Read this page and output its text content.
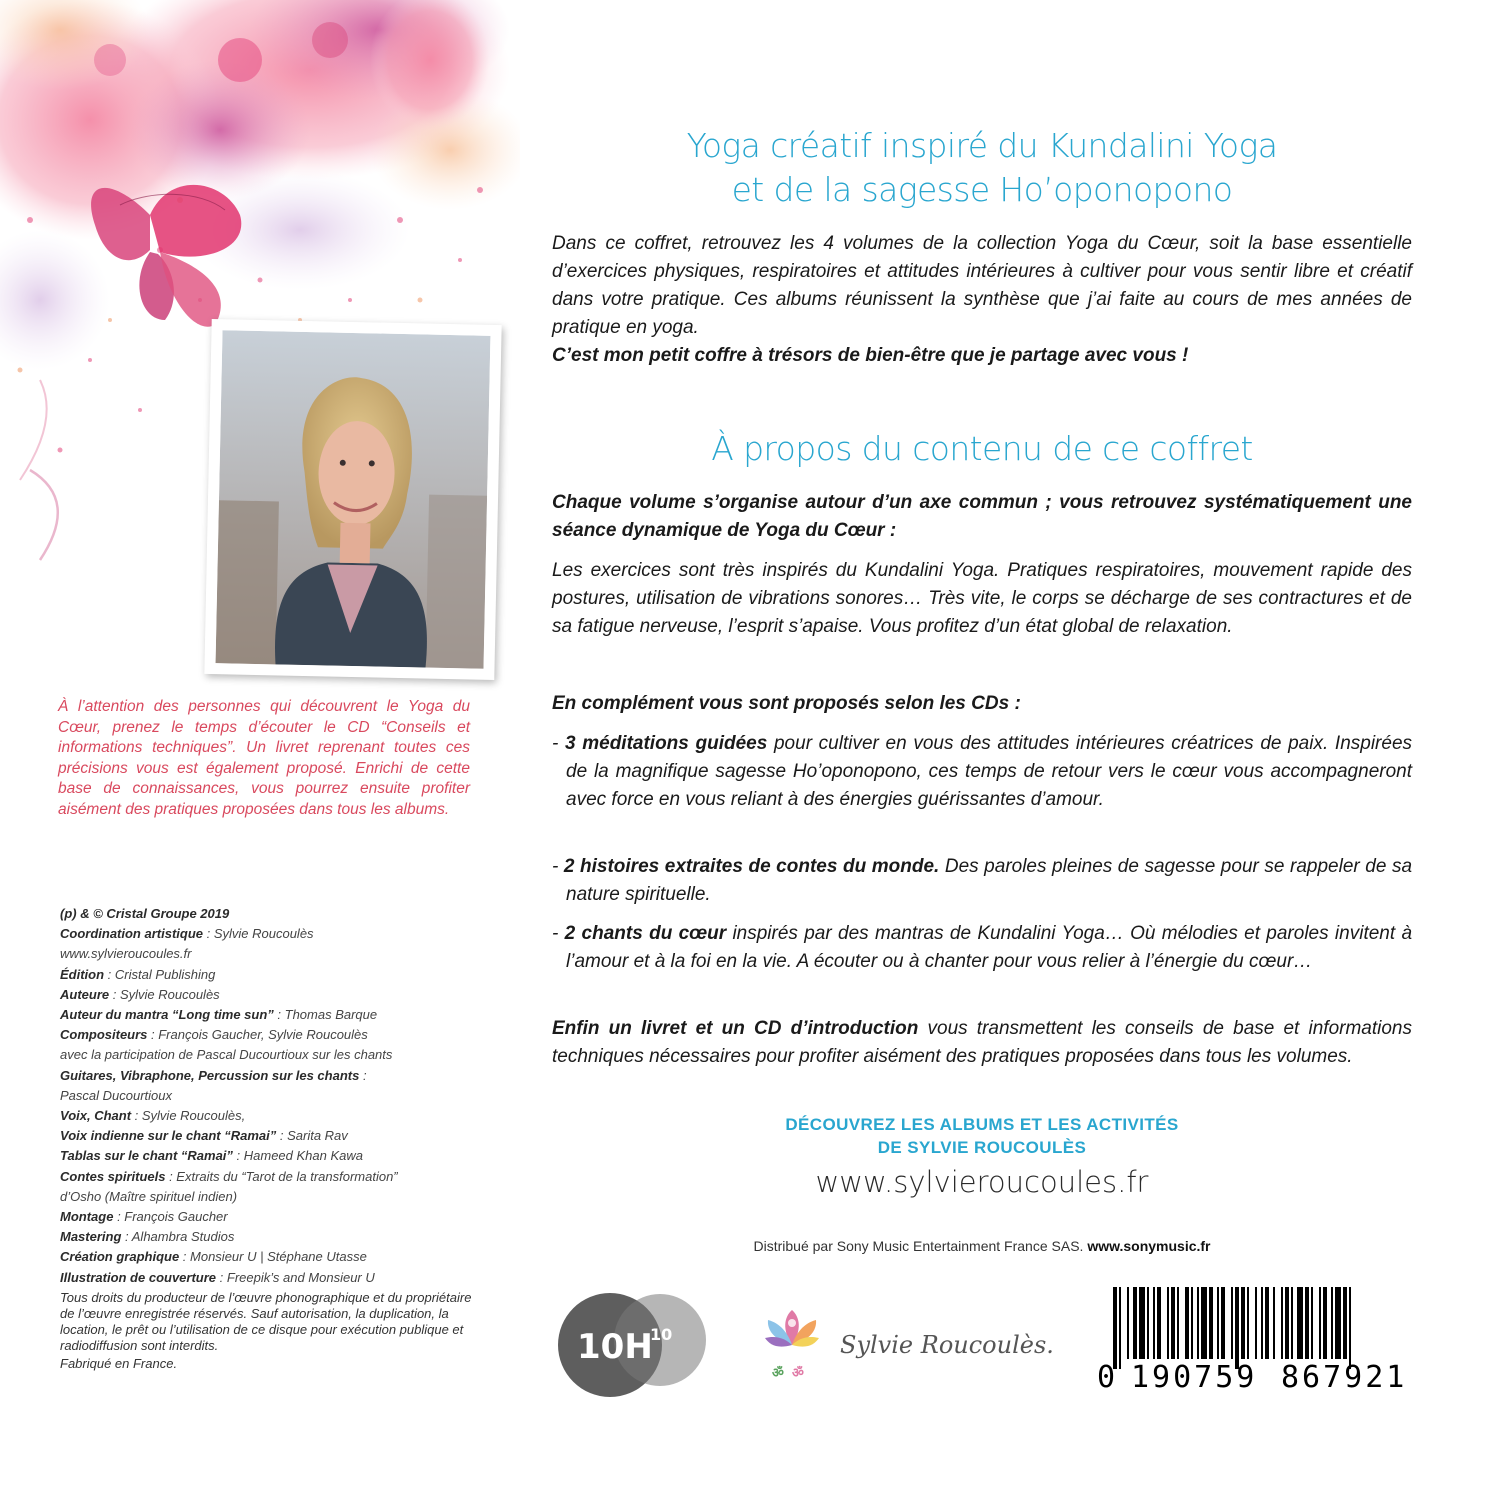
À l’attention des personnes qui découvrent le Yoga du Cœur, prenez le temps d’écouter le CD “Conseils et informations techniques”. Un livret reprenant toutes ces précisions vous est également proposé. Enrichi de cette base de connaissances, vous pourrez ensuite profiter aisément des pratiques proposées dans tous les albums.

(p) & © Cristal Groupe 2019
Coordination artistique : Sylvie Roucoulès
www.sylvieroucoules.fr
Édition : Cristal Publishing
Auteure : Sylvie Roucoulès
Auteur du mantra “Long time sun” : Thomas Barque
Compositeurs : François Gaucher, Sylvie Roucoulès
avec la participation de Pascal Ducourtioux sur les chants
Guitares, Vibraphone, Percussion sur les chants :
Pascal Ducourtioux
Voix, Chant : Sylvie Roucoulès,
Voix indienne sur le chant “Ramai” : Sarita Rav
Tablas sur le chant “Ramai” : Hameed Khan Kawa
Contes spirituels : Extraits du “Tarot de la transformation”
d’Osho (Maître spirituel indien)
Montage : François Gaucher
Mastering : Alhambra Studios
Création graphique : Monsieur U | Stéphane Utasse
Illustration de couverture : Freepik’s and Monsieur U
Tous droits du producteur de l’œuvre phonographique et du propriétaire de l’œuvre enregistrée réservés. Sauf autorisation, la duplication, la location, le prêt ou l’utilisation de ce disque pour exécution publique et radiodiffusion sont interdits.
Fabriqué en France.
Yoga créatif inspiré du Kundalini Yoga
et de la sagesse Ho’oponopono

Dans ce coffret, retrouvez les 4 volumes de la collection Yoga du Cœur, soit la base essentielle d’exercices physiques, respiratoires et attitudes intérieures à cultiver pour vous sentir libre et créatif dans votre pratique. Ces albums réunissent la synthèse que j’ai faite au cours de mes années de pratique en yoga.
C’est mon petit coffre à trésors de bien-être que je partage avec vous !

À propos du contenu de ce coffret

Chaque volume s’organise autour d’un axe commun ; vous retrouvez systématiquement une séance dynamique de Yoga du Cœur :

Les exercices sont très inspirés du Kundalini Yoga. Pratiques respiratoires, mouvement rapide des postures, utilisation de vibrations sonores… Très vite, le corps se décharge de ses contractures et de sa fatigue nerveuse, l’esprit s’apaise. Vous profitez d’un état global de relaxation.

En complément vous sont proposés selon les CDs :

- 3 méditations guidées pour cultiver en vous des attitudes intérieures créatrices de paix. Inspirées de la magnifique sagesse Ho’oponopono, ces temps de retour vers le cœur vous accompagneront avec force en vous reliant à des énergies guérissantes d’amour.

- 2 histoires extraites de contes du monde. Des paroles pleines de sagesse pour se rappeler de sa nature spirituelle.

- 2 chants du cœur inspirés par des mantras de Kundalini Yoga… Où mélodies et paroles invitent à l’amour et à la foi en la vie. A écouter ou à chanter pour vous relier à l’énergie du cœur…

Enfin un livret et un CD d’introduction vous transmettent les conseils de base et informations techniques nécessaires pour profiter aisément des pratiques proposées dans tous les volumes.

DÉCOUVREZ LES ALBUMS ET LES ACTIVITÉS
DE SYLVIE ROUCOULÈS
www.sylvieroucoules.fr
Distribué par Sony Music Entertainment France SAS. www.sonymusic.fr
10H
10
ॐ ॐ
Sylvie Roucoulès.
0 190759 867921
